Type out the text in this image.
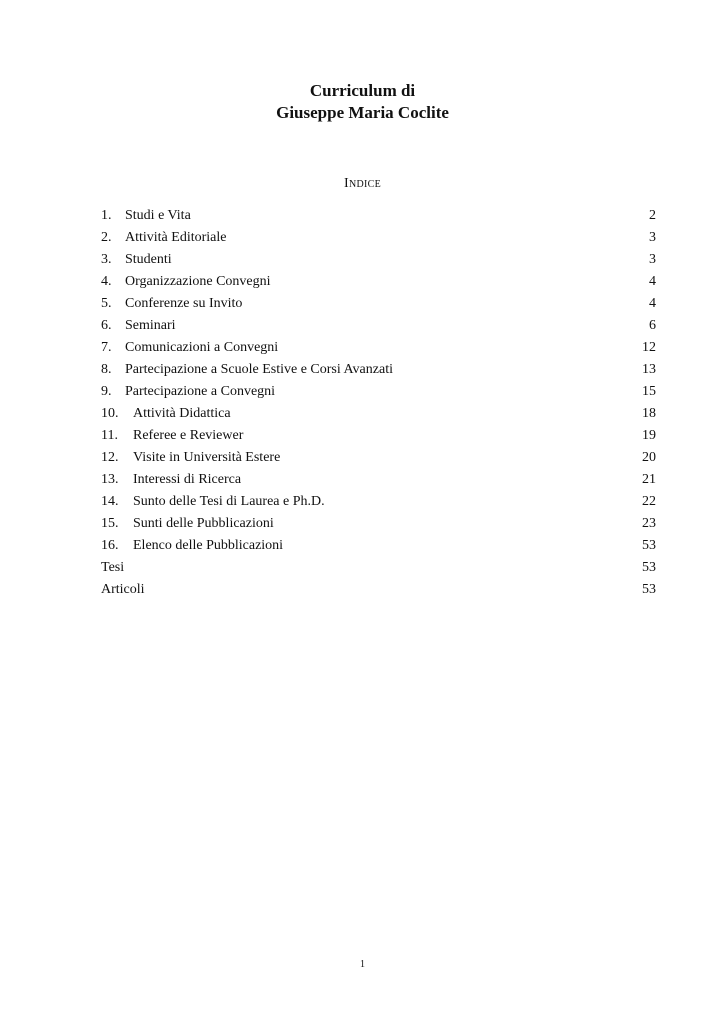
Curriculum di
Giuseppe Maria Coclite
Indice
1. Studi e Vita	2
2. Attività Editoriale	3
3. Studenti	3
4. Organizzazione Convegni	4
5. Conferenze su Invito	4
6. Seminari	6
7. Comunicazioni a Convegni	12
8. Partecipazione a Scuole Estive e Corsi Avanzati	13
9. Partecipazione a Convegni	15
10.	Attività Didattica	18
11.	Referee e Reviewer	19
12.	Visite in Università Estere	20
13.	Interessi di Ricerca	21
14.	Sunto delle Tesi di Laurea e Ph.D.	22
15.	Sunti delle Pubblicazioni	23
16.	Elenco delle Pubblicazioni	53
Tesi	53
Articoli	53
1
